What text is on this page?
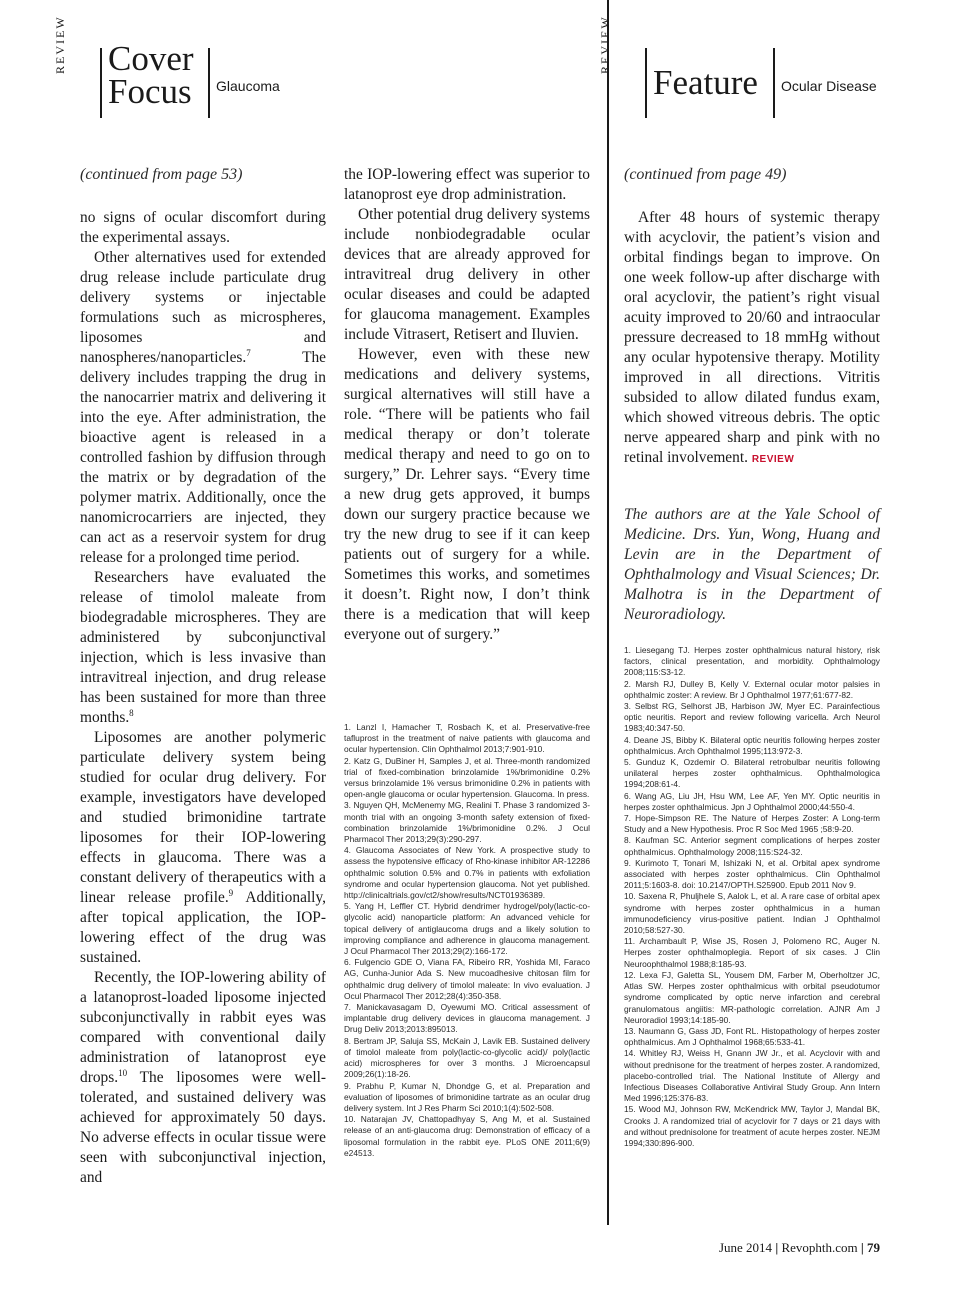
REVIEW	Cover
Focus Glaucoma
REVIEW
Feature Ocular Disease

(continued from page 53)

no signs of ocular discomfort during the experimental assays.

Other alternatives used for extended drug release include particulate drug delivery systems or injectable formulations such as microspheres, liposomes and nanospheres/nanoparticles.$^7$ The delivery includes trapping the drug in the nanocarrier matrix and delivering it into the eye. After administration, the bioactive agent is released in a controlled fashion by diffusion through the matrix or by degradation of the polymer matrix. Additionally, once the nanomicrocarriers are injected, they can act as a reservoir system for drug release for a prolonged time period.

Researchers have evaluated the release of timolol maleate from biodegradable microspheres. They are administered by subconjunctival injection, which is less invasive than intravitreal injection, and drug release has been sustained for more than three months.$^8$

Liposomes are another polymeric particulate delivery system being studied for ocular drug delivery. For example, investigators have developed and studied brimonidine tartrate liposomes for their IOP-lowering effects in glaucoma. There was a constant delivery of therapeutics with a linear release profile.$^9$ Additionally, after topical application, the IOP-lowering effect of the drug was sustained.

Recently, the IOP-lowering ability of a latanoprost-loaded liposome injected subconjunctivally in rabbit eyes was compared with conventional daily administration of latanoprost eye drops.$^{10}$ The liposomes were well-tolerated, and sustained delivery was achieved for approximately 50 days. No adverse effects in ocular tissue were seen with subconjunctival injection, and

the IOP-lowering effect was superior to latanoprost eye drop administration.

Other potential drug delivery systems include nonbiodegradable ocular devices that are already approved for intravitreal drug delivery in other ocular diseases and could be adapted for glaucoma management. Examples include Vitrasert, Retisert and Iluvien.

However, even with these new medications and delivery systems, surgical alternatives will still have a role. “There will be patients who fail medical therapy or don’t tolerate medical therapy and need to go on to surgery,” Dr. Lehrer says. “Every time a new drug gets approved, it bumps down our surgery practice because we try the new drug to see if it can keep patients out of surgery for a while. Sometimes this works, and sometimes it doesn’t. Right now, I don’t think there is a medication that will keep everyone out of surgery.”

1. Lanzl I, Hamacher T, Rosbach K, et al. Preservative-free tafluprost in the treatment of naive patients with glaucoma and ocular hypertension. Clin Ophthalmol 2013;7:901-910.
2. Katz G, DuBiner H, Samples J, et al. Three-month randomized trial of fixed-combination brinzolamide 1%/brimonidine 0.2% versus brinzolamide 1% versus brimonidine 0.2% in patients with open-angle glaucoma or ocular hypertension. Glaucoma. In press.
3. Nguyen QH, McMenemy MG, Realini T. Phase 3 randomized 3-month trial with an ongoing 3-month safety extension of fixed-combination brinzolamide 1%/brimonidine 0.2%. J Ocul Pharmacol Ther 2013;29(3):290-297.
4. Glaucoma Associates of New York. A prospective study to assess the hypotensive efficacy of Rho-kinase inhibitor AR-12286 ophthalmic solution 0.5% and 0.7% in patients with exfoliation syndrome and ocular hypertension glaucoma. Not yet published. http://clinicaltrials.gov/ct2/show/results/NCT01936389.
5. Yang H, Leffler CT. Hybrid dendrimer hydrogel/poly(lactic-co-glycolic acid) nanoparticle platform: An advanced vehicle for topical delivery of antiglaucoma drugs and a likely solution to improving compliance and adherence in glaucoma management. J Ocul Pharmacol Ther 2013;29(2):166-172.
6. Fulgencio GDE O, Viana FA, Ribeiro RR, Yoshida MI, Faraco AG, Cunha-Junior Ada S. New mucoadhesive chitosan film for ophthalmic drug delivery of timolol maleate: In vivo evaluation. J Ocul Pharmacol Ther 2012;28(4):350-358.
7. Manickavasagam D, Oyewumi MO. Critical assessment of implantable drug delivery devices in glaucoma management. J Drug Deliv 2013;2013:895013.
8. Bertram JP, Saluja SS, McKain J, Lavik EB. Sustained delivery of timolol maleate from poly(lactic-co-glycolic acid)/ poly(lactic acid) microspheres for over 3 months. J Microencapsul 2009;26(1):18-26.
9. Prabhu P, Kumar N, Dhondge G, et al. Preparation and evaluation of liposomes of brimonidine tartrate as an ocular drug delivery system. Int J Res Pharm Sci 2010;1(4):502-508.
10. Natarajan JV, Chattopadhyay S, Ang M, et al. Sustained release of an anti-glaucoma drug: Demonstration of efficacy of a liposomal formulation in the rabbit eye. PLoS ONE 2011;6(9) e24513.

(continued from page 49)

After 48 hours of systemic therapy with acyclovir, the patient’s vision and orbital findings began to improve. On one week follow-up after discharge with oral acyclovir, the patient’s right visual acuity improved to 20/60 and intraocular pressure decreased to 18 mmHg without any ocular hypotensive therapy. Motility improved in all directions. Vitritis subsided to allow dilated fundus exam, which showed vitreous debris. The optic nerve appeared sharp and pink with no retinal involvement. REVIEW

The authors are at the Yale School of Medicine. Drs. Yun, Wong, Huang and Levin are in the Department of Ophthalmology and Visual Sciences; Dr. Malhotra is in the Department of Neuroradiology.
1. Liesegang TJ. Herpes zoster ophthalmicus natural history, risk factors, clinical presentation, and morbidity. Ophthalmology 2008;115:S3-12.
2. Marsh RJ, Dulley B, Kelly V. External ocular motor palsies in ophthalmic zoster: A review. Br J Ophthalmol 1977;61:677-82.
3. Selbst RG, Selhorst JB, Harbison JW, Myer EC. Parainfectious optic neuritis. Report and review following varicella. Arch Neurol 1983;40:347-50.
4. Deane JS, Bibby K. Bilateral optic neuritis following herpes zoster ophthalmicus. Arch Ophthalmol 1995;113:972-3.
5. Gunduz K, Ozdemir O. Bilateral retrobulbar neuritis following unilateral herpes zoster ophthalmicus. Ophthalmologica 1994;208:61-4.
6. Wang AG, Liu JH, Hsu WM, Lee AF, Yen MY. Optic neuritis in herpes zoster ophthalmicus. Jpn J Ophthalmol 2000;44:550-4.
7. Hope-Simpson RE. The Nature of Herpes Zoster: A Long-term Study and a New Hypothesis. Proc R Soc Med 1965 ;58:9-20.
8. Kaufman SC. Anterior segment complications of herpes zoster ophthalmicus. Ophthalmology 2008;115:S24-32.
9. Kurimoto T, Tonari M, Ishizaki N, et al. Orbital apex syndrome associated with herpes zoster ophthalmicus. Clin Ophthalmol 2011;5:1603-8. doi: 10.2147/OPTH.S25900. Epub 2011 Nov 9.
10. Saxena R, Phuljhele S, Aalok L, et al. A rare case of orbital apex syndrome with herpes zoster ophthalmicus in a human immunodeficiency virus-positive patient. Indian J Ophthalmol 2010;58:527-30.
11. Archambault P, Wise JS, Rosen J, Polomeno RC, Auger N. Herpes zoster ophthalmoplegia. Report of six cases. J Clin Neuroophthalmol 1988;8:185-93.
12. Lexa FJ, Galetta SL, Yousem DM, Farber M, Oberholtzer JC, Atlas SW. Herpes zoster ophthalmicus with orbital pseudotumor syndrome complicated by optic nerve infarction and cerebral granulomatous angiitis: MR-pathologic correlation. AJNR Am J Neuroradiol 1993;14:185-90.
13. Naumann G, Gass JD, Font RL. Histopathology of herpes zoster ophthalmicus. Am J Ophthalmol 1968;65:533-41.
14. Whitley RJ, Weiss H, Gnann JW Jr., et al. Acyclovir with and without prednisone for the treatment of herpes zoster. A randomized, placebo-controlled trial. The National Institute of Allergy and Infectious Diseases Collaborative Antiviral Study Group. Ann Intern Med 1996;125:376-83.
15. Wood MJ, Johnson RW, McKendrick MW, Taylor J, Mandal BK, Crooks J. A randomized trial of acyclovir for 7 days or 21 days with and without prednisolone for treatment of acute herpes zoster. NEJM 1994;330:896-900.
June 2014 | Revophth.com | 79
